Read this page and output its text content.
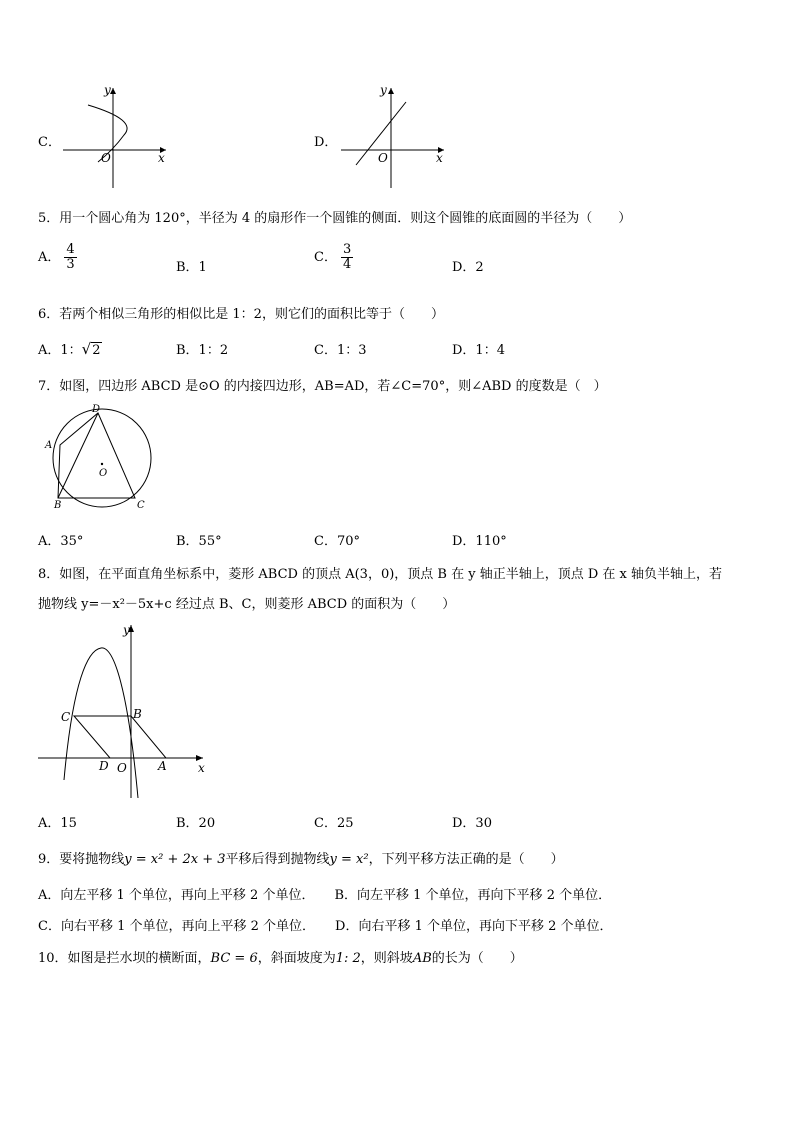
C．
y
x
O
D．
y
x
O
5．用一个圆心角为 120°，半径为 4 的扇形作一个圆锥的侧面．则这个圆锥的底面圆的半径为（　　）
A． $\frac{4}{3}$	B．1
C． $\frac{3}{4}$	D．2
6．若两个相似三角形的相似比是 1：2，则它们的面积比等于（　　）
A．1：√2	B．1：2	C．1：3	D．1：4
7．如图，四边形 ABCD 是⊙O 的内接四边形，AB=AD，若∠C=70°，则∠ABD 的度数是（　）
D
A
B	C
O
A．35°	B．55°	C．70°	D．110°
8．如图，在平面直角坐标系中，菱形 ABCD 的顶点 A(3，0)，顶点 B 在 y 轴正半轴上，顶点 D 在 x 轴负半轴上，若
抛物线 y=－x²－5x+c 经过点 B、C，则菱形 ABCD 的面积为（　　）
y
x
C	B
D O	A
A．15	B．20	C．25	D．30
9．要将抛物线y = x² + 2x + 3平移后得到抛物线y = x²，下列平移方法正确的是（　　）
A．向左平移 1 个单位，再向上平移 2 个单位． B．向左平移 1 个单位，再向下平移 2 个单位．
C．向右平移 1 个单位，再向上平移 2 个单位． D．向右平移 1 个单位，再向下平移 2 个单位．
10．如图是拦水坝的横断面，BC = 6，斜面坡度为1: 2，则斜坡AB的长为（　　）
